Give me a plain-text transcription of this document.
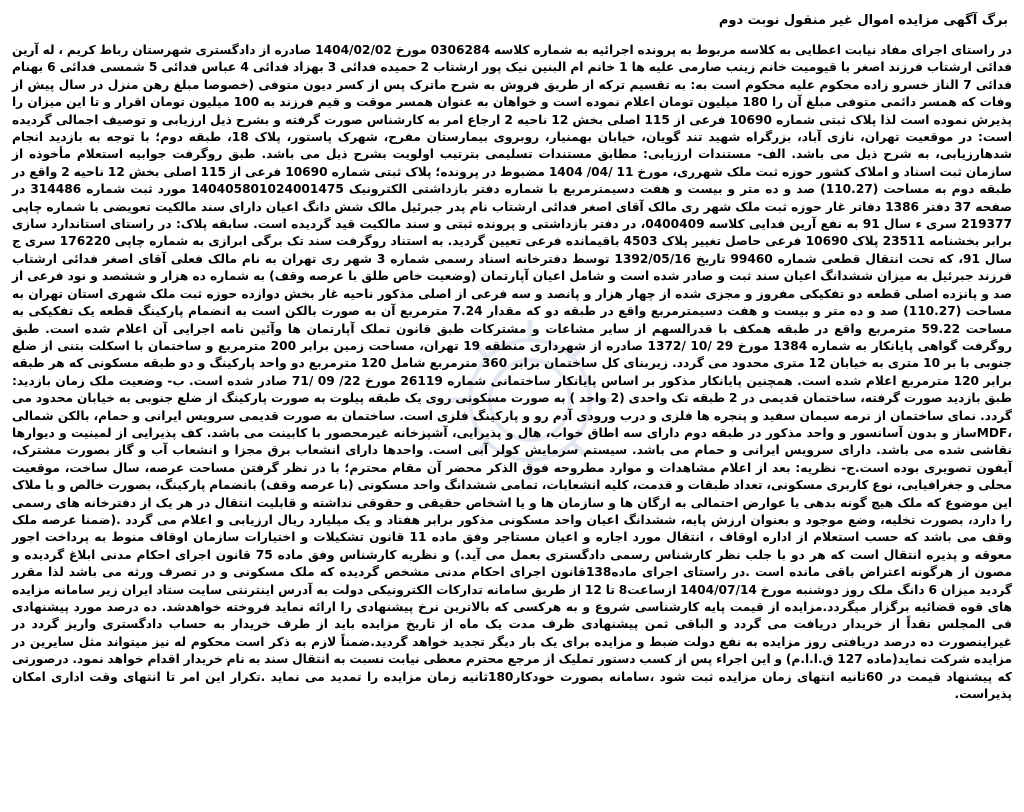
برگ آگهی مزایده اموال غیر منقول نوبت دوم

در راستای اجرای مفاد نیابت اعطایی به کلاسه مربوط به پرونده اجرائیه به شماره کلاسه 0306284 مورخ 1404/02/02 صادره از دادگستری شهرستان رباط کریم ، له آرین فدائی ارشتاب فرزند اصغر با قیومیت خانم زینب صارمی علیه ها 1 خانم ام البنین نیک پور ارشتاب 2 حمیده فدائی 3 بهزاد فدائی 4 عباس فدائی 5 شمسی فدائی 6 بهنام فدائی 7 الناز خسرو زاده محکوم علیه محکوم است به: به تقسیم ترکه از طریق فروش به شرح ماترک پس از کسر دیون متوفی (خصوصا مبلغ رهن منزل در سال پیش از وفات که همسر دائمی متوفی مبلغ آن را 180 میلیون تومان اعلام نموده است و خواهان به عنوان همسر موقت و قیم فرزند به 100 میلیون تومان اقرار و تا این میزان را پذیرش نموده است لذا پلاک ثبتی شماره 10690 فرعی از 115 اصلی بخش 12 ناحیه 2 ارجاع امر به کارشناس صورت گرفته و بشرح ذیل ارزیابی و توصیف اجمالی گردیده است: در موقعیت تهران، نازی آباد، بزرگراه شهید تند گویان، خیابان بهمنیار، روبروی بیمارستان مفرح، شهرک پاستور، پلاک 18، طبقه دوم؛ با توجه به بازدید انجام شدهارزیابی، به شرح ذیل می باشد. الف- مستندات ارزیابی: مطابق مستندات تسلیمی بترتیب اولویت بشرح ذیل می باشد. طبق روگرفت جوابیه استعلام مأخوذه از سازمان ثبت اسناد و املاک کشور حوزه ثبت ملک شهرری، مورخ 11 /04/ 1404 مضبوط در پرونده؛ پلاک ثبتی شماره 10690 فرعی از 115 اصلی بخش 12 ناحیه 2 واقع در طبقه دوم به مساحت (110.27) صد و ده متر و بیست و هفت دسیمترمربع با شماره دفتر بازداشتی الکترونیک 140405801024001475 مورد ثبت شماره 314486 در صفحه 37 دفتر 1386 دفاتر غار حوزه ثبت ملک شهر ری مالک آقای اصغر فدائی ارشتاب نام پدر جبرئیل مالک شش دانگ اعیان دارای سند مالکیت تعویضی با شماره چاپی 219377 سری ء سال 91 به نفع آرین فدایی کلاسه 0400409، در دفتر بازداشتی و پرونده ثبتی و سند مالکیت قید گردیده است. سابقه پلاک: در راستای استاندارد سازی برابر بخشنامه 23511 پلاک 10690 فرعی حاصل تغییر پلاک 4503 باقیمانده فرعی تعیین گردید. به استناد روگرفت سند تک برگی ابرازی به شماره چاپی 176220 سری ج سال 91، که تحت انتقال قطعی شماره 99460 تاریخ 1392/05/16 توسط دفترخانه اسناد رسمی شماره 3 شهر ری تهران به نام مالک فعلی آقای اصغر فدائی ارشتاب فرزند جبرئیل به میزان ششدانگ اعیان سند ثبت و صادر شده است و شامل اعیان آپارتمان (وضعیت خاص طلق با عرصه وقف) به شماره ده هزار و ششصد و نود فرعی از صد و پانزده اصلی قطعه دو تفکیکی مفروز و مجزی شده از چهار هزار و پانصد و سه فرعی از اصلی مذکور ناحیه غار بخش دوازده حوزه ثبت ملک شهری استان تهران به مساحت (110.27) صد و ده متر و بیست و هفت دسیمترمربع واقع در طبقه دو که مقدار 7.24 مترمربع آن به صورت بالکن است به انضمام پارکینگ قطعه یک تفکیکی به مساحت 59.22 مترمربع واقع در طبقه همکف با قدرالسهم از سایر مشاعات و مشترکات طبق قانون تملک آپارتمان ها وآئین نامه اجرایی آن اعلام شده است. طبق روگرفت گواهی پایانکار به شماره 1384 مورخ 29 /10 /1372 صادره از شهرداری منطقه 19 تهران، مساحت زمین برابر 200 مترمربع و ساختمان با اسکلت بتنی از ضلع جنوبی با بر 10 متری به خیابان 12 متری محدود می گردد. زیربنای کل ساختمان برابر 360 مترمربع شامل 120 مترمربع دو واحد پارکینگ و دو طبقه مسکونی که هر طبقه برابر 120 مترمربع اعلام شده است. همچنین پایانکار مذکور بر اساس پایانکار ساختمانی شماره 26119 مورخ 22/ 09 /71 صادر شده است. ب- وضعیت ملک زمان بازدید: طبق بازدید صورت گرفته، ساختمان قدیمی در 2 طبقه تک واحدی (2 واحد ) به صورت مسکونی روی یک طبقه پیلوت به صورت پارکینگ از ضلع جنوبی به خیابان محدود می گردد. نمای ساختمان از نرمه سیمان سفید و پنجره ها فلزی و درب ورودی آدم رو و پارکینگ فلزی است. ساختمان به صورت قدیمی سرویس ایرانی و حمام، بالکن شمالی ،MDFساز و بدون آسانسور و واحد مذکور در طبقه دوم دارای سه اطاق خواب، هال و پذیرایی، آشپزخانه غیرمحصور با کابینت می باشد. کف پذیرایی از لمینیت و دیوارها نقاشی شده می باشد. دارای سرویس ایرانی و حمام می باشد. سیستم سرمایش کولر آبی است. واحدها دارای انشعاب برق مجزا و انشعاب آب و گاز بصورت مشترک، آیفون تصویری بوده است.ج- نظریه: بعد از اعلام مشاهدات و موارد مطروحه فوق الذکر محضر آن مقام محترم؛ با در نظر گرفتن مساحت عرصه، سال ساخت، موقعیت محلی و جغرافیایی، نوع کاربری مسکونی، تعداد طبقات و قدمت، کلیه انشعابات، تمامی ششدانگ واحد مسکونی (با عرصه وقف) بانضمام پارکینگ، بصورت خالص و با ملاک این موضوع که ملک هیچ گونه بدهی یا عوارض احتمالی به ارگان ها و سازمان ها و یا اشخاص حقیقی و حقوقی نداشته و قابلیت انتقال در هر یک از دفترخانه های رسمی را دارد، بصورت تخلیه، وضع موجود و بعنوان ارزش پایه، ششدانگ اعیان واحد مسکونی مذکور برابر هفتاد و یک میلیارد ریال ارزیابی و اعلام می گردد .(ضمنا عرصه ملک وقف می باشد که حسب استعلام از اداره اوقاف ، انتقال مورد اجاره و اعیان مستاجر وفق ماده 11 قانون تشکیلات و اختیارات سازمان اوقاف منوط به پرداخت اجور معوقه و پذیره انتقال است که هر دو با جلب نظر کارشناس رسمی دادگستری بعمل می آید.) و نظریه کارشناس وفق ماده 75 قانون اجرای احکام مدنی ابلاغ گردیده و مصون از هرگونه اعتراض باقی مانده است .در راستای اجرای ماده138قانون اجرای احکام مدنی مشخص گردیده که ملک مسکونی و در تصرف ورثه می باشد لذا مقرر گردید میزان 6 دانگ ملک روز دوشنبه مورخ 1404/07/14 ازساعت8 تا 12 از طریق سامانه تدارکات الکترونیکی دولت به آدرس اینترنتی سایت ستاد ایران زیر سامانه مزایده های قوه قضائیه برگزار میگردد.مزایده از قیمت پایه کارشناسی شروع و به هرکسی که بالاترین نرخ پیشنهادی را ارائه نماید فروخته خواهدشد. ده درصد مورد پیشنهادی فی المجلس نقداً از خریدار دریافت می گردد و الباقی ثمن پیشنهادی ظرف مدت یک ماه از تاریخ مزایده باید از طرف خریدار به حساب دادگستری واریز گردد در غیراینصورت ده درصد دریافتی روز مزایده به نفع دولت ضبط و مزایده برای یک بار دیگر تجدید خواهد گردید.ضمناً لازم به ذکر است محکوم له نیز میتواند مثل سایرین در مزایده شرکت نماید(ماده 127 ق.ا.ا.م) و این اجراء پس از کسب دستور تملیک از مرجع محترم معطی نیابت نسبت به انتقال سند به نام خریدار اقدام خواهد نمود. درصورتی که پیشنهاد قیمت در 60ثانیه انتهای زمان مزایده ثبت شود ،سامانه بصورت خودکار180ثانیه زمان مزایده را تمدید می نماید .تکرار این امر تا انتهای وقت اداری امکان پذیراست.
